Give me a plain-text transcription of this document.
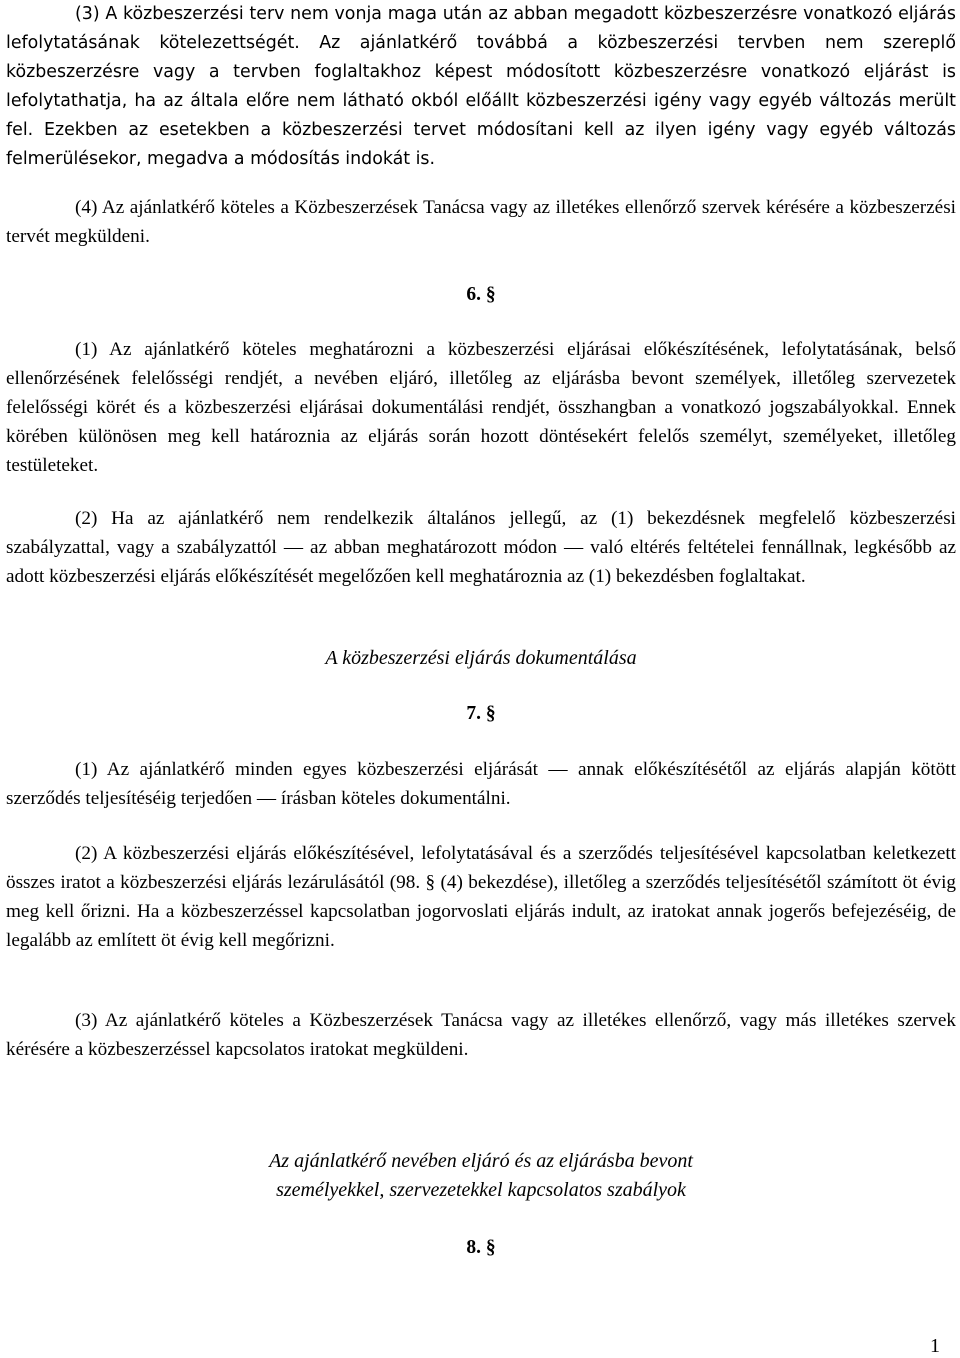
(3) A közbeszerzési terv nem vonja maga után az abban megadott közbeszerzésre vonatkozó eljárás lefolytatásának kötelezettségét. Az ajánlatkérő továbbá a közbeszerzési tervben nem szereplő közbeszerzésre vagy a tervben foglaltakhoz képest módosított közbeszerzésre vonatkozó eljárást is lefolytathatja, ha az általa előre nem látható okból előállt közbeszerzési igény vagy egyéb változás merült fel. Ezekben az esetekben a közbeszerzési tervet módosítani kell az ilyen igény vagy egyéb változás felmerülésekor, megadva a módosítás indokát is.

(4) Az ajánlatkérő köteles a Közbeszerzések Tanácsa vagy az illetékes ellenőrző szervek kérésére a közbeszerzési tervét megküldeni.

6. §

(1) Az ajánlatkérő köteles meghatározni a közbeszerzési eljárásai előkészítésének, lefolytatásának, belső ellenőrzésének felelősségi rendjét, a nevében eljáró, illetőleg az eljárásba bevont személyek, illetőleg szervezetek felelősségi körét és a közbeszerzési eljárásai dokumentálási rendjét, összhangban a vonatkozó jogszabályokkal. Ennek körében különösen meg kell határoznia az eljárás során hozott döntésekért felelős személyt, személyeket, illetőleg testületeket.

(2) Ha az ajánlatkérő nem rendelkezik általános jellegű, az (1) bekezdésnek megfelelő közbeszerzési szabályzattal, vagy a szabályzattól — az abban meghatározott módon — való eltérés feltételei fennállnak, legkésőbb az adott közbeszerzési eljárás előkészítését megelőzően kell meghatároznia az (1) bekezdésben foglaltakat.

A közbeszerzési eljárás dokumentálása

7. §

(1) Az ajánlatkérő minden egyes közbeszerzési eljárását — annak előkészítésétől az eljárás alapján kötött szerződés teljesítéséig terjedően — írásban köteles dokumentálni.

(2) A közbeszerzési eljárás előkészítésével, lefolytatásával és a szerződés teljesítésével kapcsolatban keletkezett összes iratot a közbeszerzési eljárás lezárulásától (98. § (4) bekezdése), illetőleg a szerződés teljesítésétől számított öt évig meg kell őrizni. Ha a közbeszerzéssel kapcsolatban jogorvoslati eljárás indult, az iratokat annak jogerős befejezéséig, de legalább az említett öt évig kell megőrizni.

(3) Az ajánlatkérő köteles a Közbeszerzések Tanácsa vagy az illetékes ellenőrző, vagy más illetékes szervek kérésére a közbeszerzéssel kapcsolatos iratokat megküldeni.

Az ajánlatkérő nevében eljáró és az eljárásba bevont

személyekkel, szervezetekkel kapcsolatos szabályok

8. §

1
